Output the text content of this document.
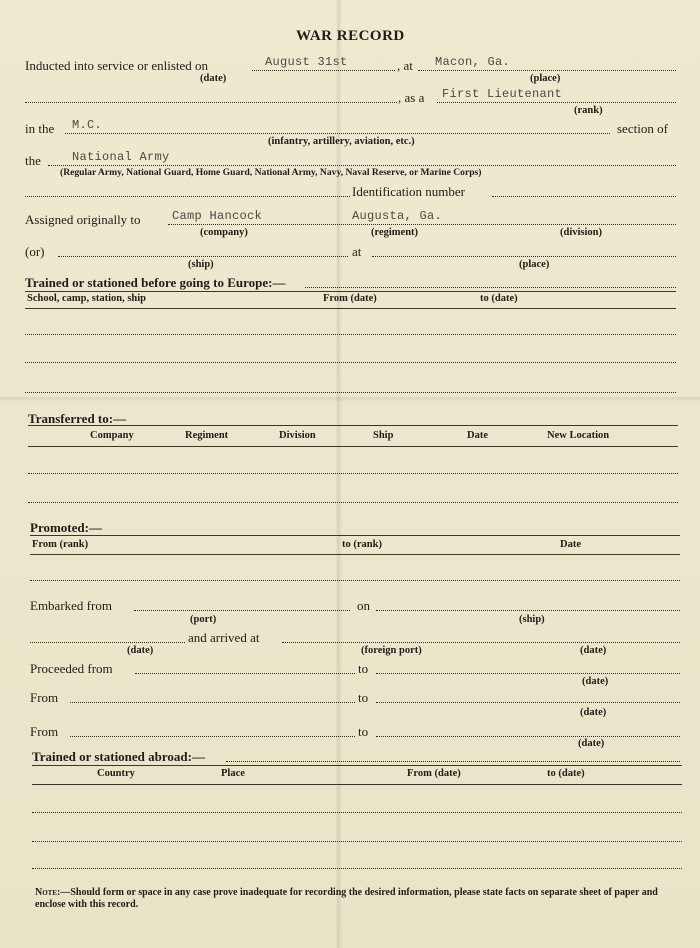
WAR RECORD
Inducted into service or enlisted on	August 31st	, at Macon, Ga.
(date)	(place)
, as a First Lieutenant
(rank)
in the M.C.	section of
(infantry, artillery, aviation, etc.)
the	National Army
(Regular Army, National Guard, Home Guard, National Army, Navy, Naval Reserve, or Marine Corps)
Identification number
Assigned originally to	Camp Hancock	Augusta, Ga.
(company)	(regiment)	(division)
(or)	at
(ship)	(place)
Trained or stationed before going to Europe:—
School, camp, station, ship	From (date)	to (date)
Transferred to:—
Company	Regiment	Division	Ship	Date	New Location
Promoted:—
From (rank)	to (rank)	Date
Embarked from	on
(port)	(ship)
and arrived at
(date)	(foreign port)	(date)
Proceeded from	to
(date)
From	to
(date)
From	to
(date)
Trained or stationed abroad:—
Country	Place	From (date)	to (date)
Note:—Should form or space in any case prove inadequate for recording the desired information, please state facts on separate sheet of paper and enclose with this record.
